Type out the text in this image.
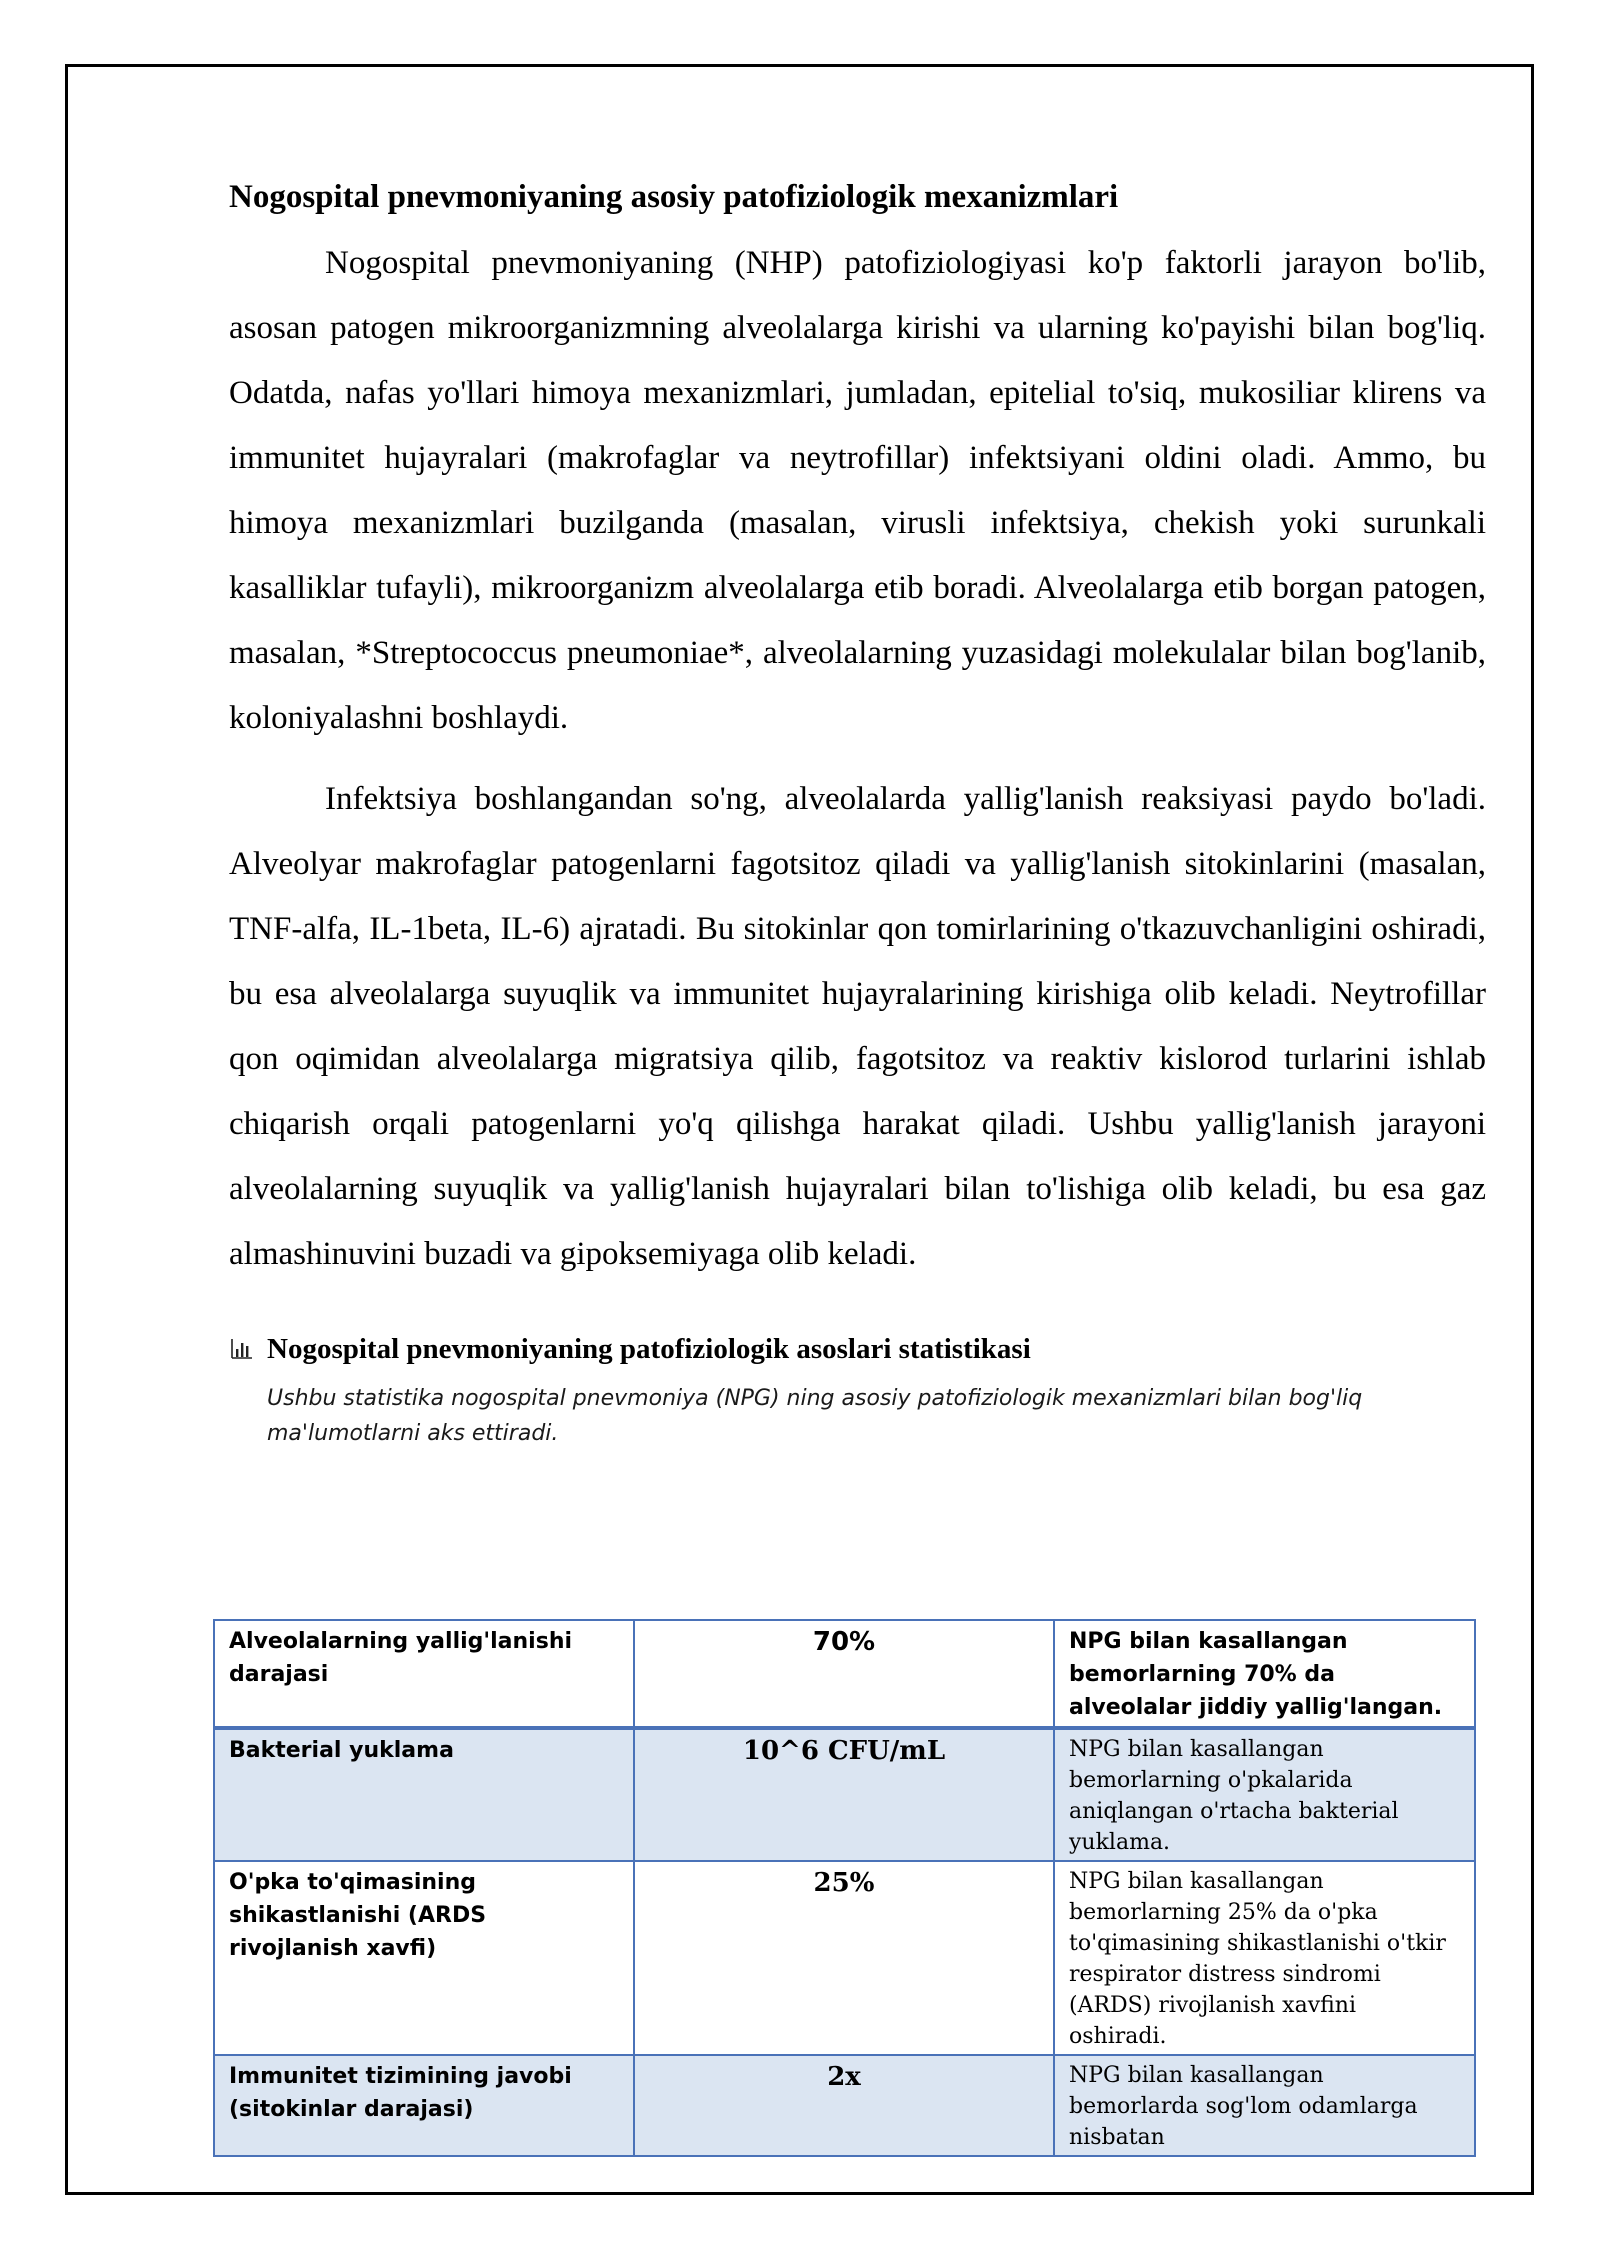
Nogospital pnevmoniyaning asosiy patofiziologik mexanizmlari

Nogospital pnevmoniyaning (NHP) patofiziologiyasi ko'p faktorli jarayon bo'lib, asosan patogen mikroorganizmning alveolalarga kirishi va ularning ko'payishi bilan bog'liq. Odatda, nafas yo'llari himoya mexanizmlari, jumladan, epitelial to'siq, mukosiliar klirens va immunitet hujayralari (makrofaglar va neytrofillar) infektsiyani oldini oladi. Ammo, bu himoya mexanizmlari buzilganda (masalan, virusli infektsiya, chekish yoki surunkali kasalliklar tufayli), mikroorganizm alveolalarga etib boradi. Alveolalarga etib borgan patogen, masalan, *Streptococcus pneumoniae*, alveolalarning yuzasidagi molekulalar bilan bog'lanib, koloniyalashni boshlaydi.

Infektsiya boshlangandan so'ng, alveolalarda yallig'lanish reaksiyasi paydo bo'ladi. Alveolyar makrofaglar patogenlarni fagotsitoz qiladi va yallig'lanish sitokinlarini (masalan, TNF-alfa, IL-1beta, IL-6) ajratadi. Bu sitokinlar qon tomirlarining o'tkazuvchanligini oshiradi, bu esa alveolalarga suyuqlik va immunitet hujayralarining kirishiga olib keladi. Neytrofillar qon oqimidan alveolalarga migratsiya qilib, fagotsitoz va reaktiv kislorod turlarini ishlab chiqarish orqali patogenlarni yo'q qilishga harakat qiladi. Ushbu yallig'lanish jarayoni alveolalarning suyuqlik va yallig'lanish hujayralari bilan to'lishiga olib keladi, bu esa gaz almashinuvini buzadi va gipoksemiyaga olib keladi.

Nogospital pnevmoniyaning patofiziologik asoslari statistikasi
Ushbu statistika nogospital pnevmoniya (NPG) ning asosiy patofiziologik mexanizmlari bilan bog'liq ma'lumotlarni aks ettiradi.
Alveolalarning yallig'lanishi darajasi	70%	NPG bilan kasallangan bemorlarning 70% da alveolalar jiddiy yallig'langan.
Bakterial yuklama	10^6 CFU/mL	NPG bilan kasallangan bemorlarning o'pkalarida aniqlangan o'rtacha bakterial yuklama.
O'pka to'qimasining shikastlanishi (ARDS rivojlanish xavfi)	25%	NPG bilan kasallangan bemorlarning 25% da o'pka to'qimasining shikastlanishi o'tkir respirator distress sindromi (ARDS) rivojlanish xavfini oshiradi.
Immunitet tizimining javobi (sitokinlar darajasi)	2x	NPG bilan kasallangan bemorlarda sog'lom odamlarga nisbatan
